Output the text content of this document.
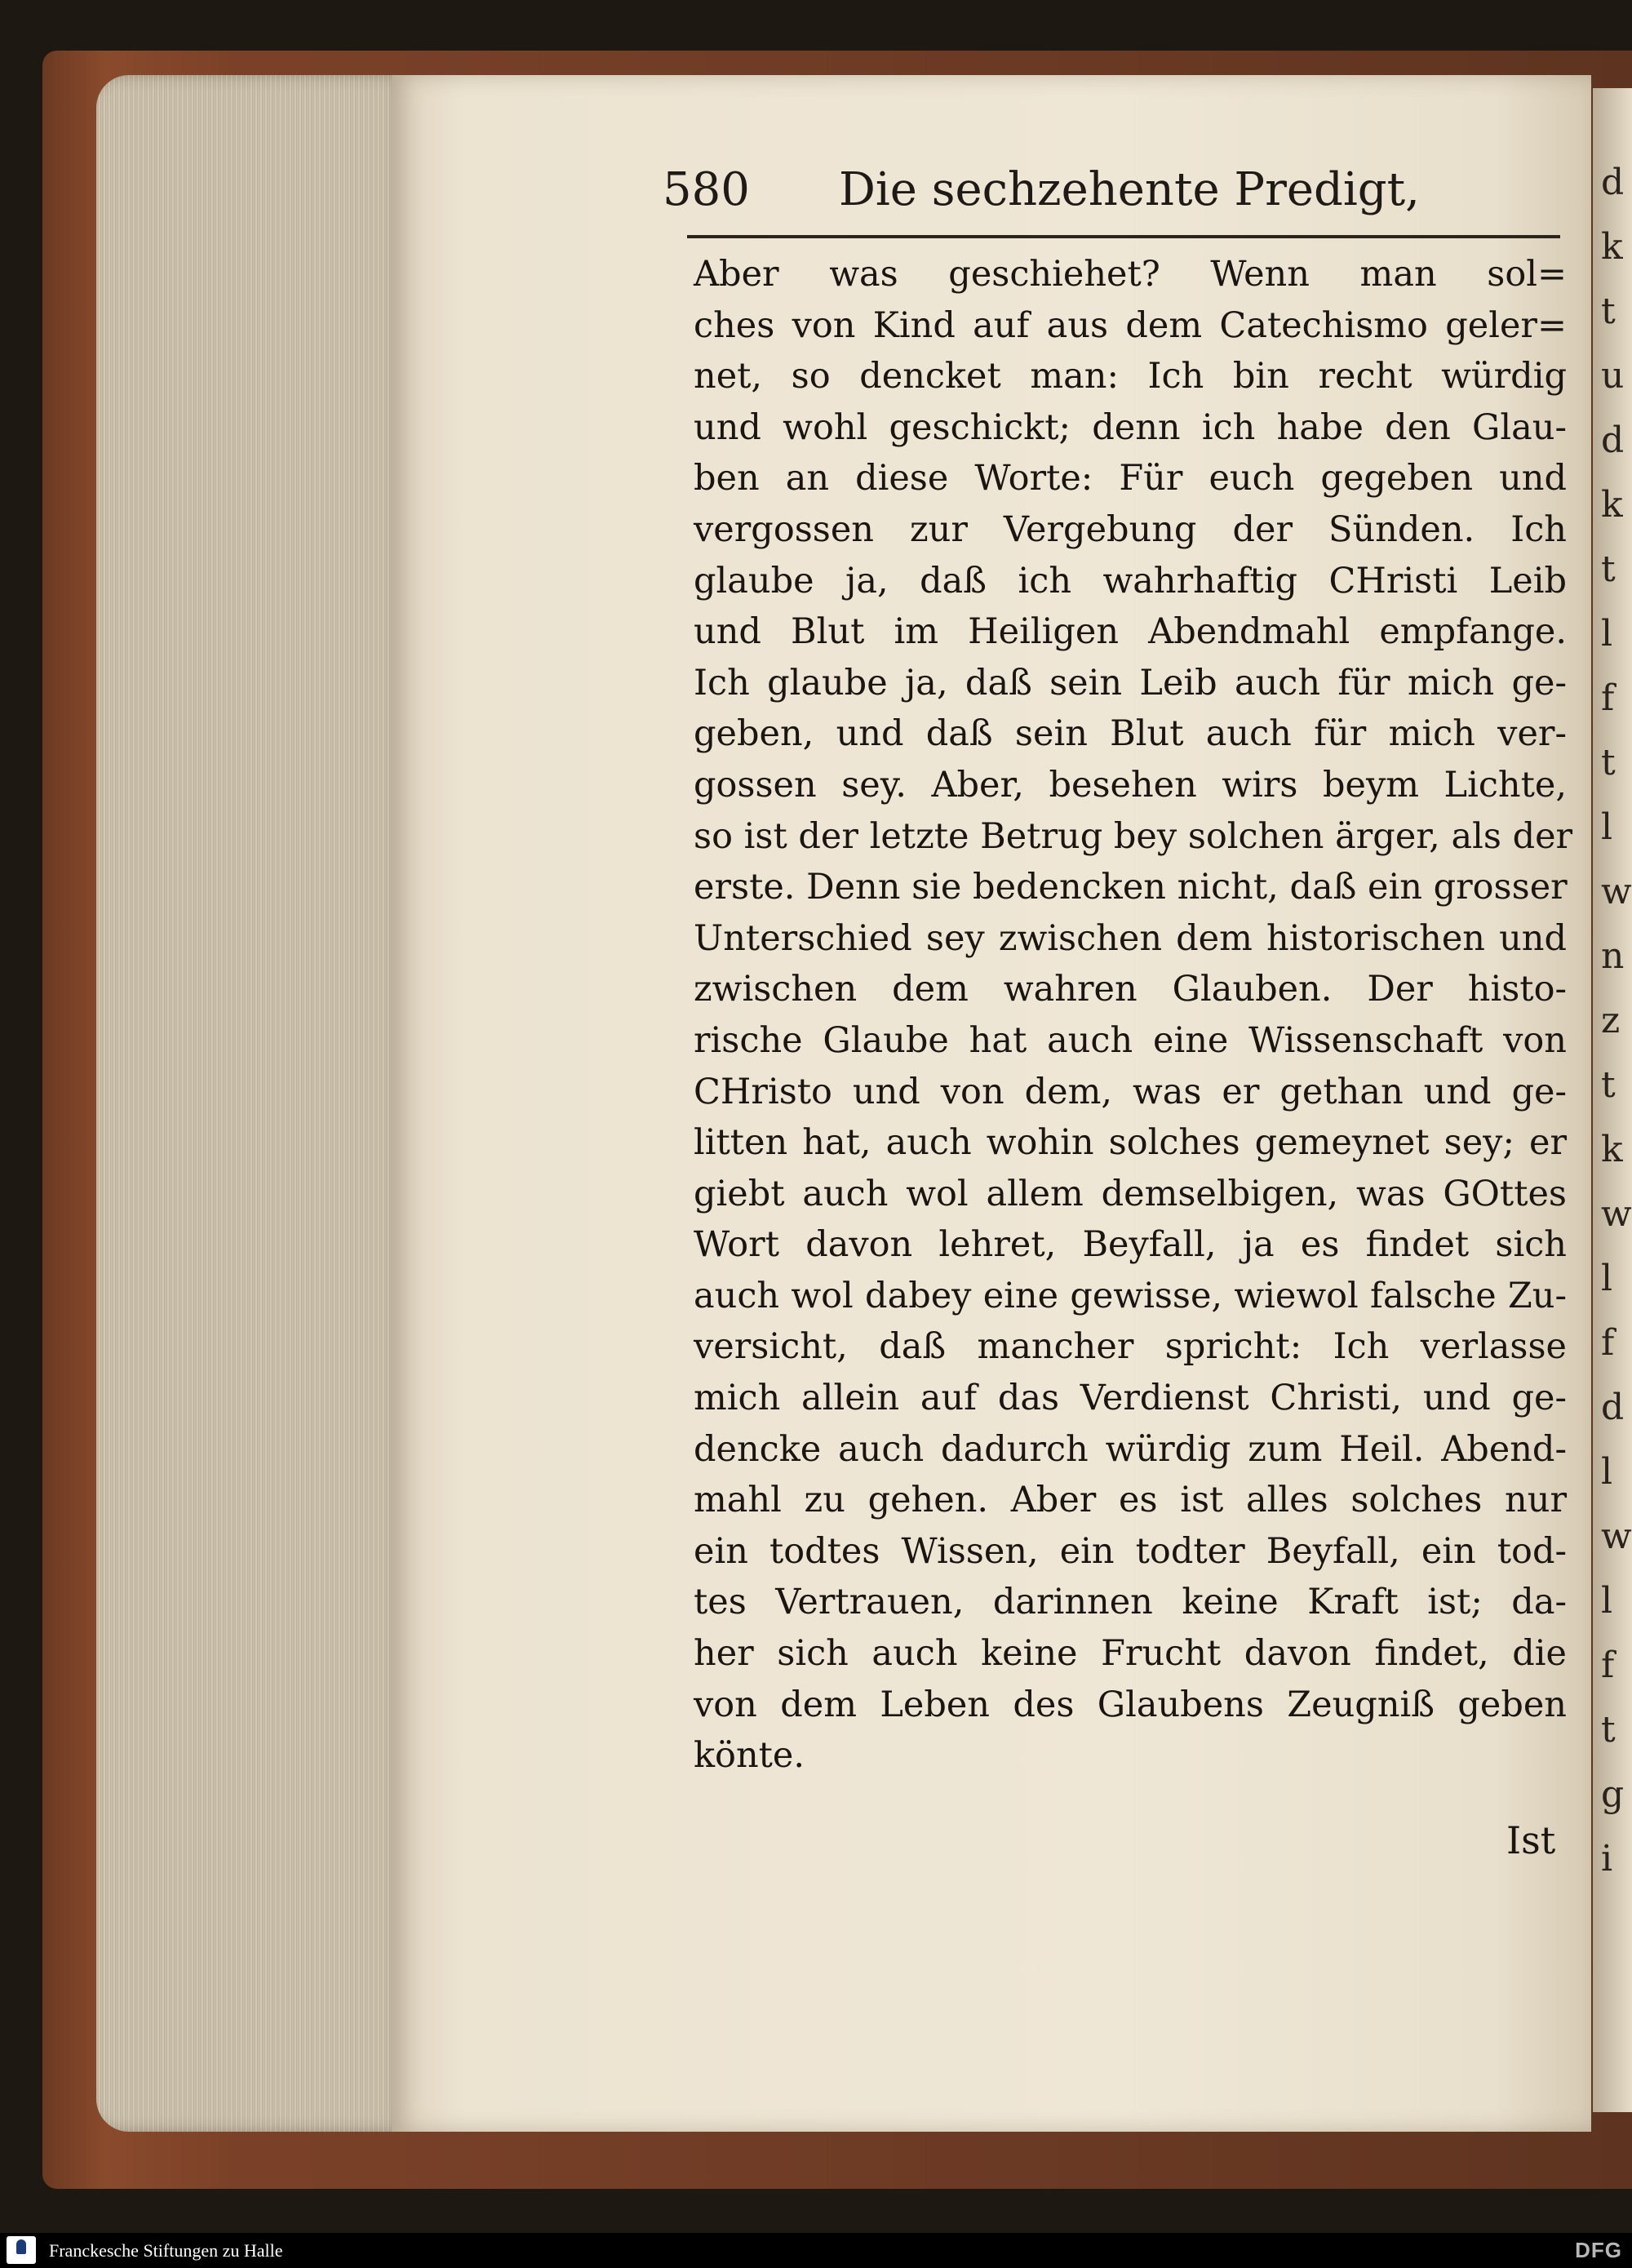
d
k
t
u
d
k
t
l
f
t
l
w
n
z
t
k
w
l
f
d
l
w
l
f
t
g
i
580 Die sechzehente Predigt,
Aber was geschiehet? Wenn man sol=
ches von Kind auf aus dem Catechismo geler=
net, so dencket man: Ich bin recht würdig
und wohl geschickt; denn ich habe den Glau-
ben an diese Worte: Für euch gegeben und
vergossen zur Vergebung der Sünden. Ich
glaube ja, daß ich wahrhaftig CHristi Leib
und Blut im Heiligen Abendmahl empfange.
Ich glaube ja, daß sein Leib auch für mich ge-
geben, und daß sein Blut auch für mich ver-
gossen sey. Aber, besehen wirs beym Lichte,
so ist der letzte Betrug bey solchen ärger, als der
erste. Denn sie bedencken nicht, daß ein grosser
Unterschied sey zwischen dem historischen und
zwischen dem wahren Glauben. Der histo-
rische Glaube hat auch eine Wissenschaft von
CHristo und von dem, was er gethan und ge-
litten hat, auch wohin solches gemeynet sey; er
giebt auch wol allem demselbigen, was GOttes
Wort davon lehret, Beyfall, ja es findet sich
auch wol dabey eine gewisse, wiewol falsche Zu-
versicht, daß mancher spricht: Ich verlasse
mich allein auf das Verdienst Christi, und ge-
dencke auch dadurch würdig zum Heil. Abend-
mahl zu gehen. Aber es ist alles solches nur
ein todtes Wissen, ein todter Beyfall, ein tod-
tes Vertrauen, darinnen keine Kraft ist; da-
her sich auch keine Frucht davon findet, die
von dem Leben des Glaubens Zeugniß geben
könte.
Ist
Franckesche Stiftungen zu Halle	DFG
